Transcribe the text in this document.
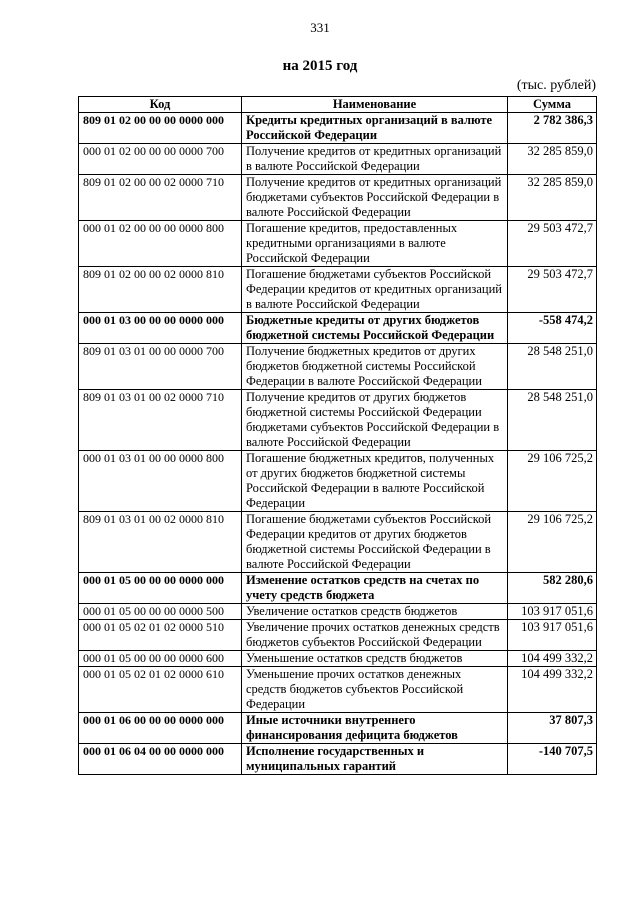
331
на 2015 год
(тыс. рублей)
Код	Наименование	Сумма
809 01 02 00 00 00 0000 000	Кредиты кредитных организаций в валюте Российской Федерации	2 782 386,3
000 01 02 00 00 00 0000 700	Получение кредитов от кредитных организаций в валюте Российской Федерации	32 285 859,0
809 01 02 00 00 02 0000 710	Получение кредитов от кредитных организаций бюджетами субъектов Российской Федерации в валюте Российской Федерации	32 285 859,0
000 01 02 00 00 00 0000 800	Погашение кредитов, предоставленных кредитными организациями в валюте Российской Федерации	29 503 472,7
809 01 02 00 00 02 0000 810	Погашение бюджетами субъектов Российской Федерации кредитов от кредитных организаций в валюте Российской Федерации	29 503 472,7
000 01 03 00 00 00 0000 000	Бюджетные кредиты от других бюджетов бюджетной системы Российской Федерации	-558 474,2
809 01 03 01 00 00 0000 700	Получение бюджетных кредитов от других бюджетов бюджетной системы Российской Федерации в валюте Российской Федерации	28 548 251,0
809 01 03 01 00 02 0000 710	Получение кредитов от других бюджетов бюджетной системы Российской Федерации бюджетами субъектов Российской Федерации в валюте Российской Федерации	28 548 251,0
000 01 03 01 00 00 0000 800	Погашение бюджетных кредитов, полученных от других бюджетов бюджетной системы Российской Федерации в валюте Российской Федерации	29 106 725,2
809 01 03 01 00 02 0000 810	Погашение бюджетами субъектов Российской Федерации кредитов от других бюджетов бюджетной системы Российской Федерации в валюте Российской Федерации	29 106 725,2
000 01 05 00 00 00 0000 000	Изменение остатков средств на счетах по учету средств бюджета	582 280,6
000 01 05 00 00 00 0000 500	Увеличение остатков средств бюджетов	103 917 051,6
000 01 05 02 01 02 0000 510	Увеличение прочих остатков денежных средств бюджетов субъектов Российской Федерации	103 917 051,6
000 01 05 00 00 00 0000 600	Уменьшение остатков средств бюджетов	104 499 332,2
000 01 05 02 01 02 0000 610	Уменьшение прочих остатков денежных средств бюджетов субъектов Российской Федерации	104 499 332,2
000 01 06 00 00 00 0000 000	Иные источники внутреннего финансирования дефицита бюджетов	37 807,3
000 01 06 04 00 00 0000 000	Исполнение государственных и муниципальных гарантий	-140 707,5
